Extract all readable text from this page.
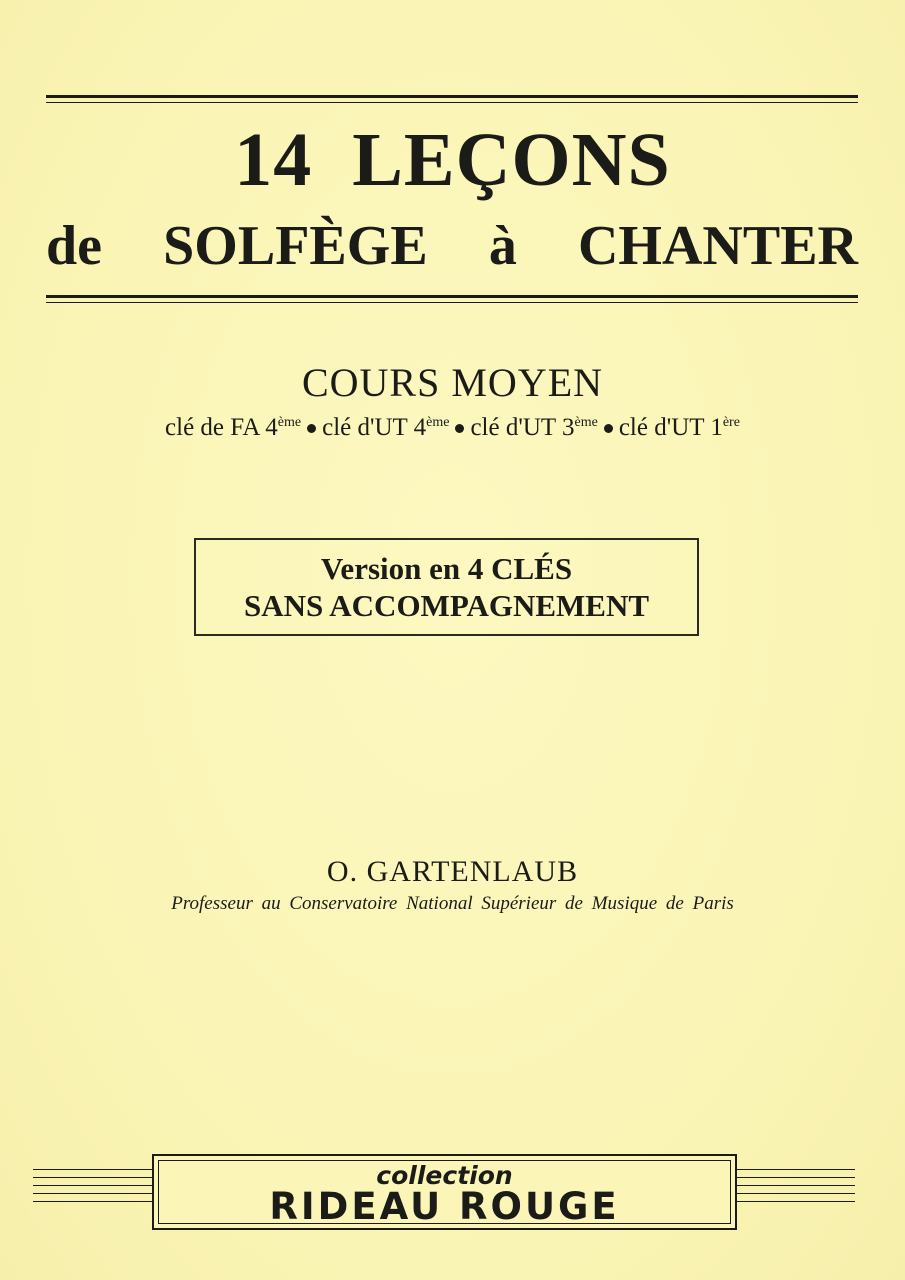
14 LEÇONS
de SOLFÈGE à CHANTER
COURS MOYEN
clé de FA 4ème clé d'UT 4ème clé d'UT 3ème clé d'UT 1ère
Version en 4 CLÉS
SANS ACCOMPAGNEMENT
O. GARTENLAUB
Professeur au Conservatoire National Supérieur de Musique de Paris
collection
RIDEAU ROUGE
